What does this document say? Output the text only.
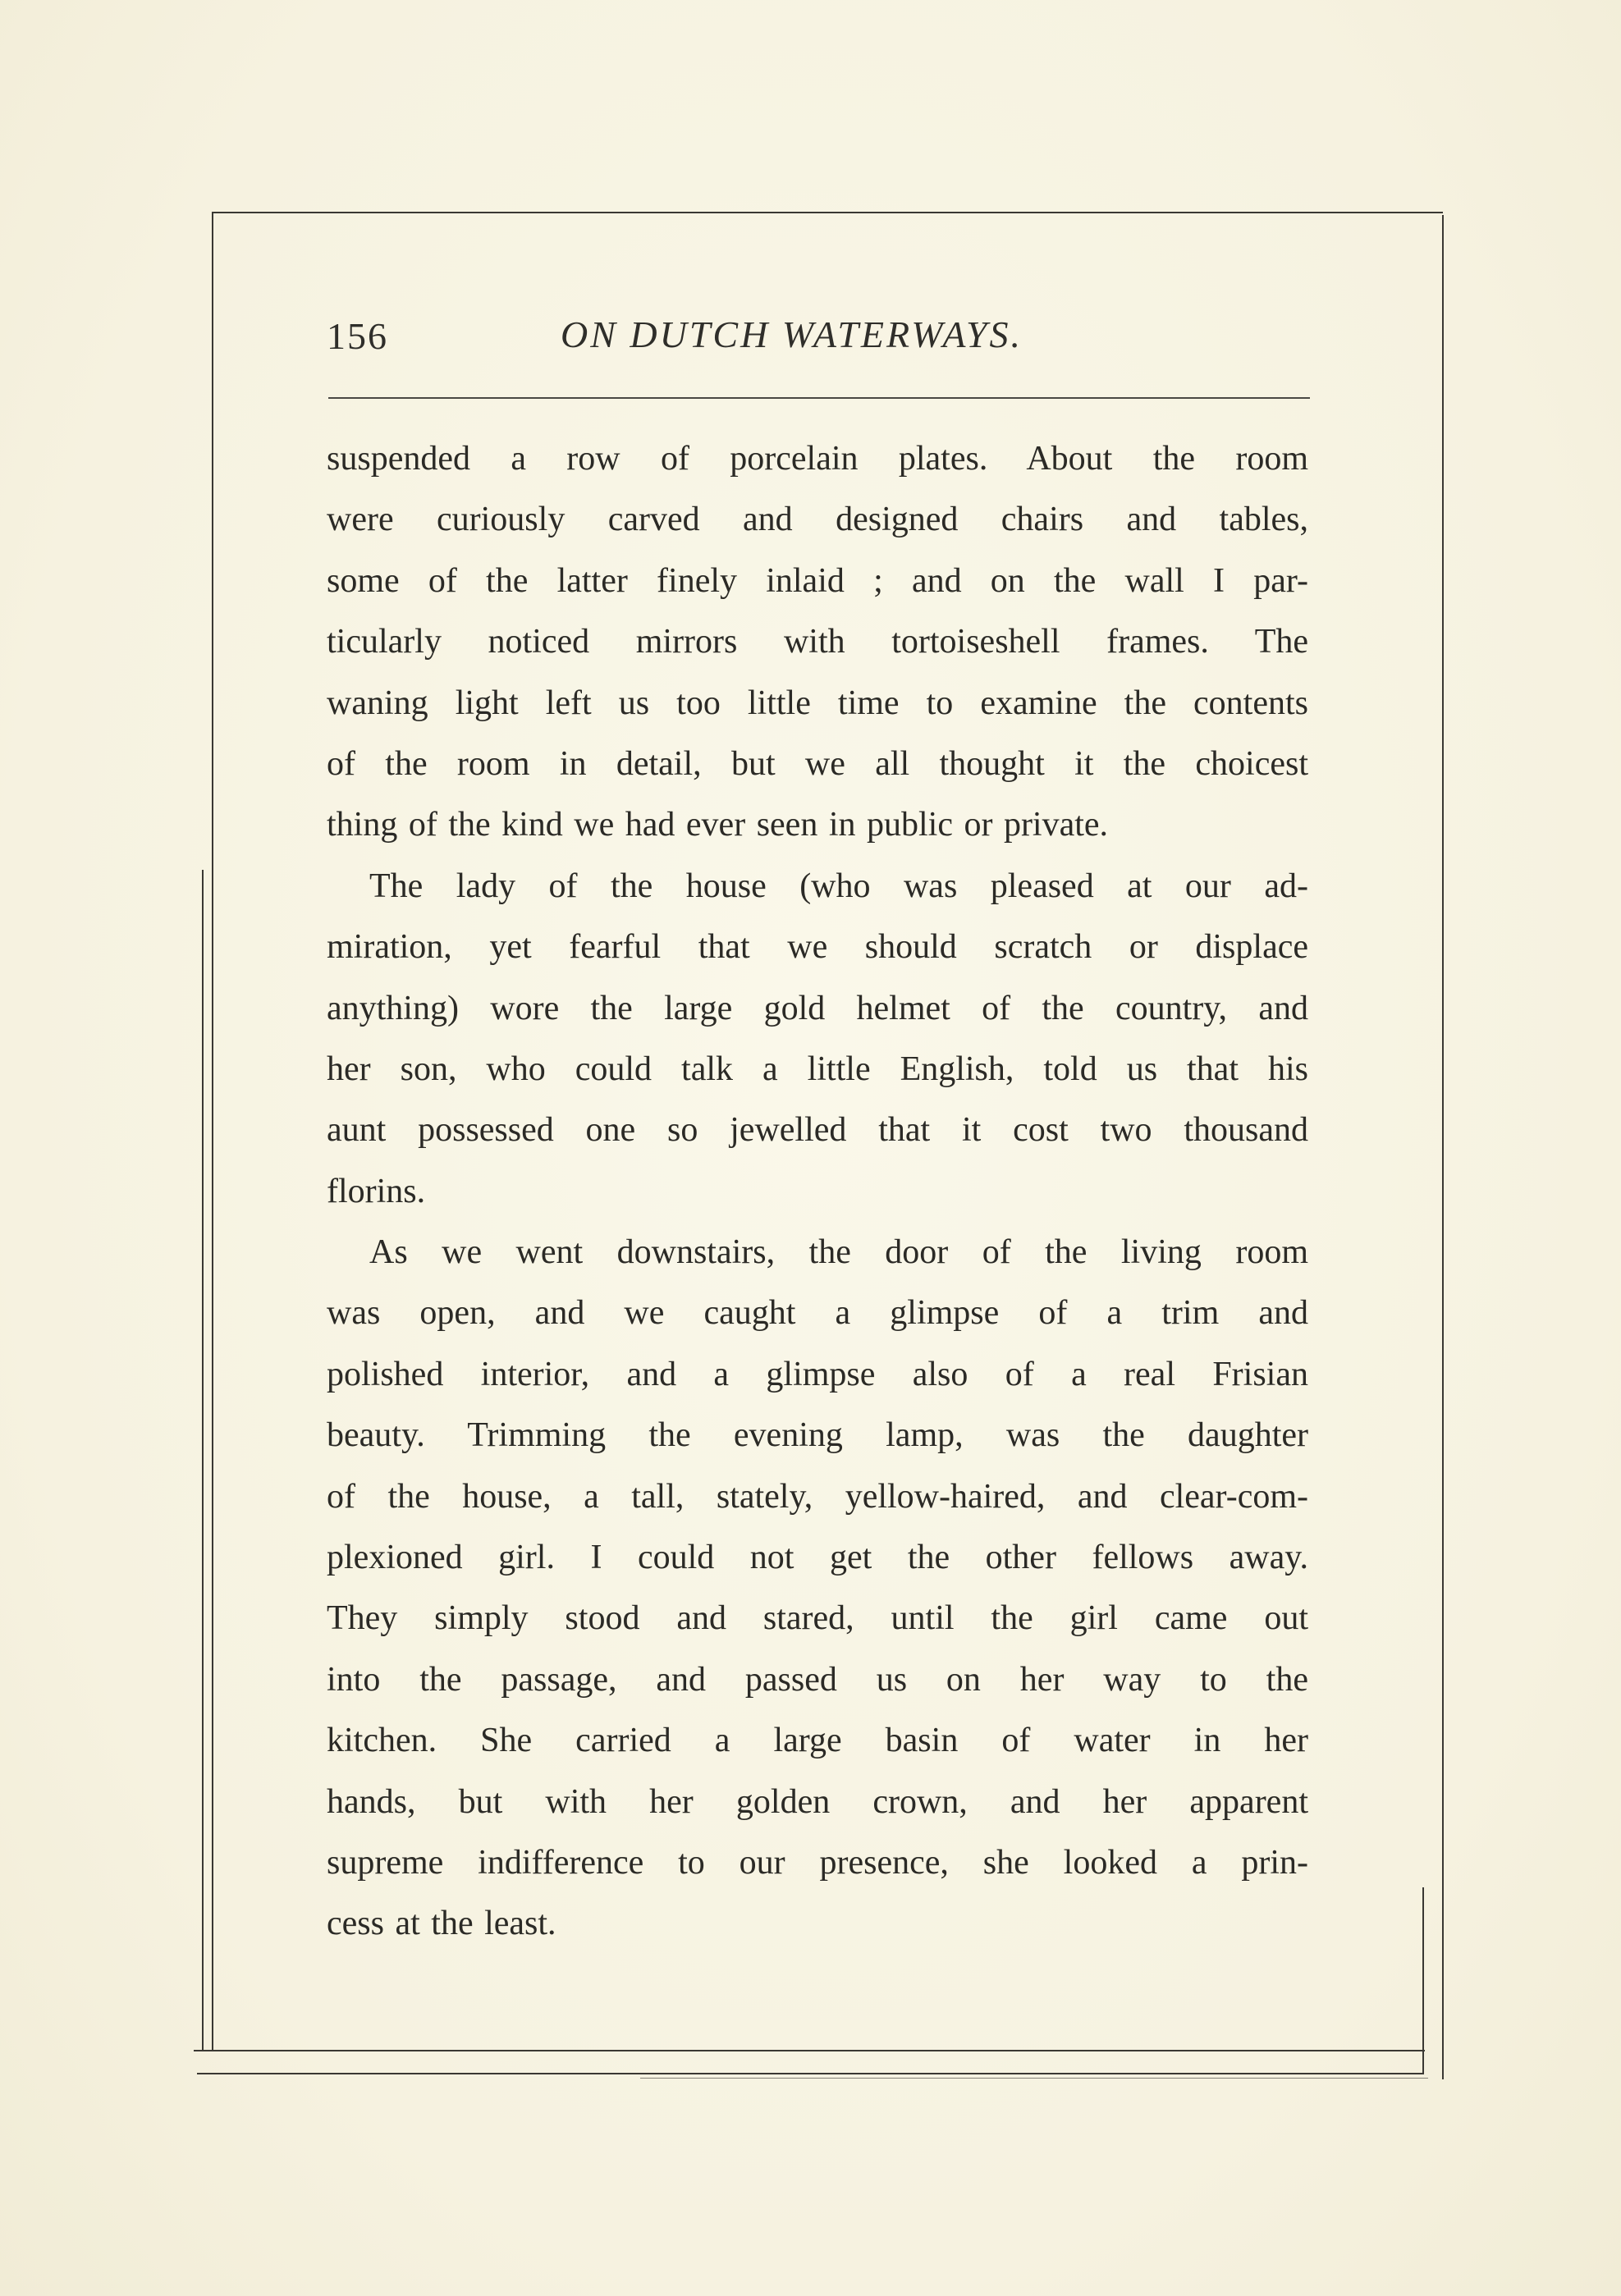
156	ON DUTCH WATERWAYS.
suspended a row of porcelain plates. About the room
were curiously carved and designed chairs and tables,
some of the latter finely inlaid ; and on the wall I par-
ticularly noticed mirrors with tortoiseshell frames. The
waning light left us too little time to examine the contents
of the room in detail, but we all thought it the choicest
thing of the kind we had ever seen in public or private.
The lady of the house (who was pleased at our ad-
miration, yet fearful that we should scratch or displace
anything) wore the large gold helmet of the country, and
her son, who could talk a little English, told us that his
aunt possessed one so jewelled that it cost two thousand
florins.
As we went downstairs, the door of the living room
was open, and we caught a glimpse of a trim and
polished interior, and a glimpse also of a real Frisian
beauty. Trimming the evening lamp, was the daughter
of the house, a tall, stately, yellow-haired, and clear-com-
plexioned girl. I could not get the other fellows away.
They simply stood and stared, until the girl came out
into the passage, and passed us on her way to the
kitchen. She carried a large basin of water in her
hands, but with her golden crown, and her apparent
supreme indifference to our presence, she looked a prin-
cess at the least.
